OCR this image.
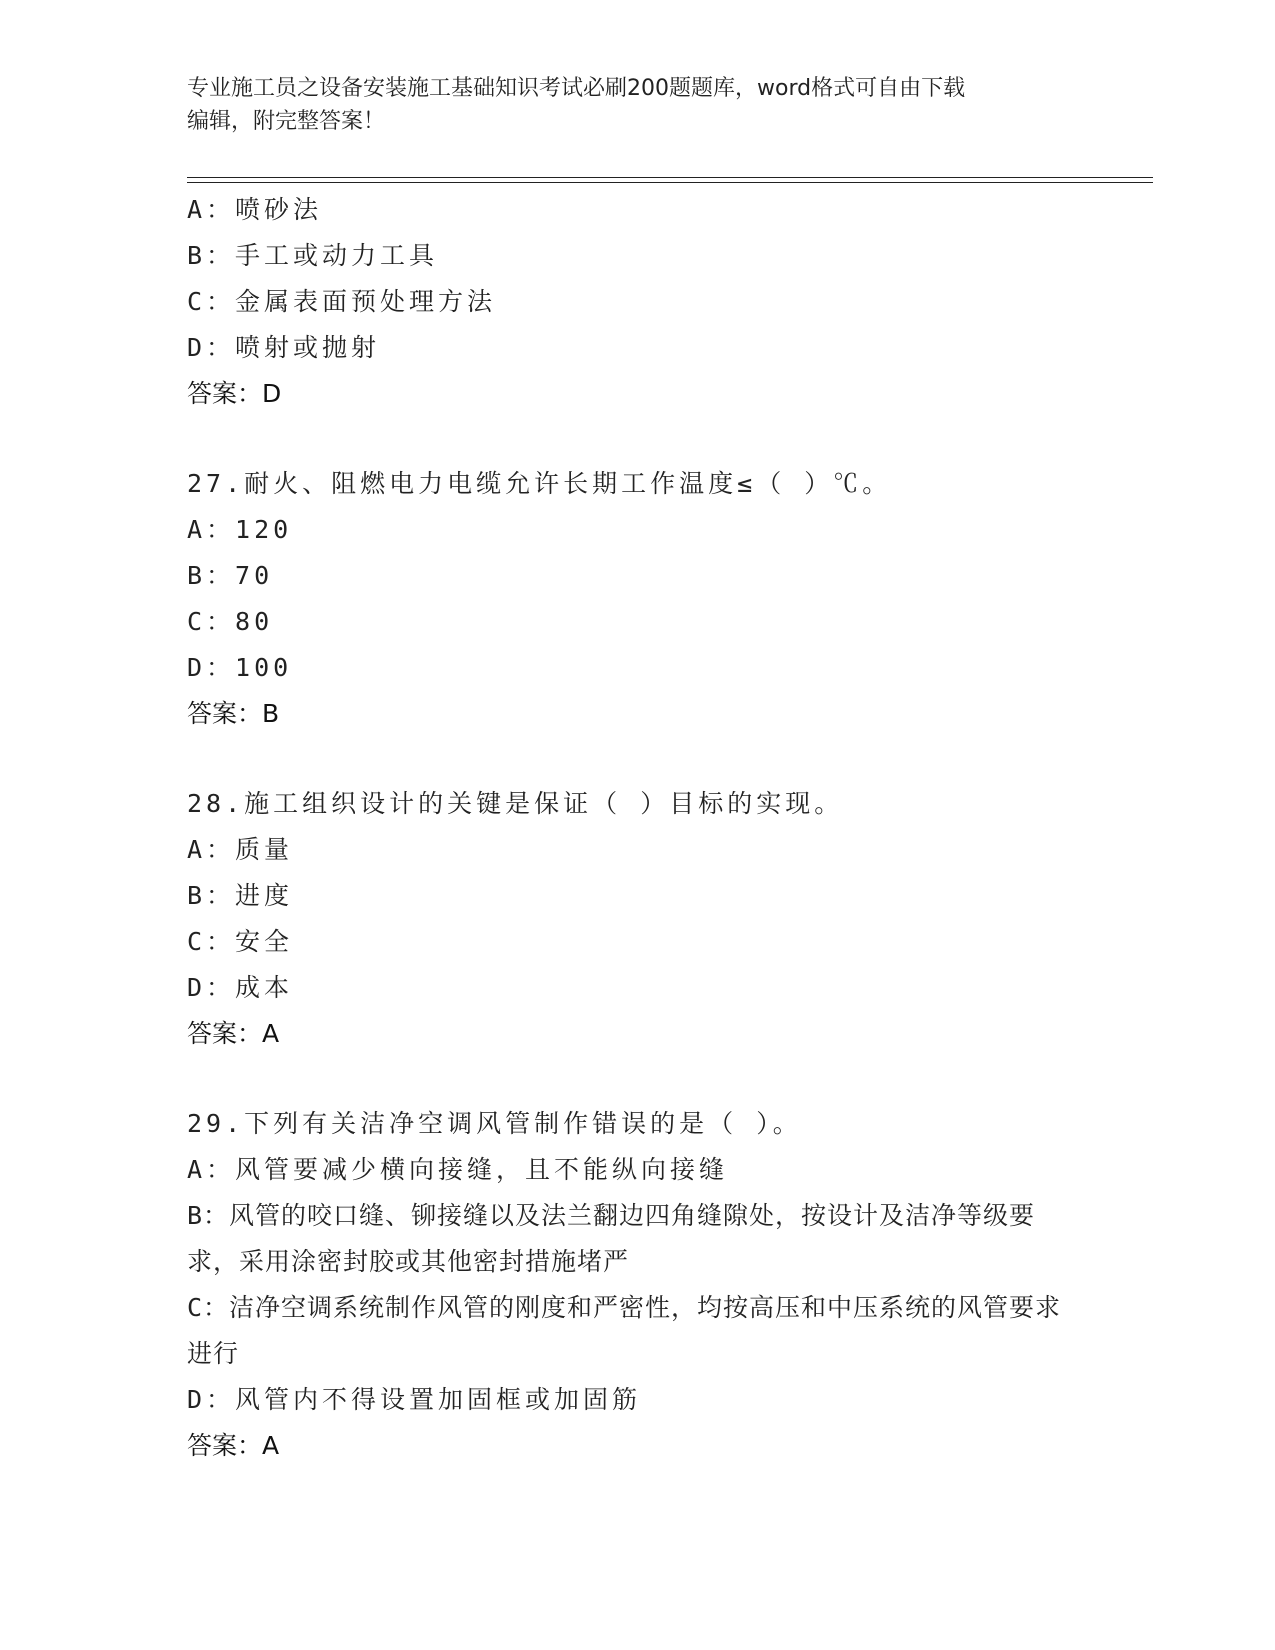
专业施工员之设备安装施工基础知识考试必刷200题题库，word格式可自由下载
编辑，附完整答案！
A：喷砂法
B：手工或动力工具
C：金属表面预处理方法
D：喷射或抛射
答案：D
27.耐火、阻燃电力电缆允许长期工作温度≤（ ）℃。
A：120
B：70
C：80
D：100
答案：B
28.施工组织设计的关键是保证（ ）目标的实现。
A：质量
B：进度
C：安全
D：成本
答案：A
29.下列有关洁净空调风管制作错误的是（ ）。
A：风管要减少横向接缝，且不能纵向接缝
B：风管的咬口缝、铆接缝以及法兰翻边四角缝隙处，按设计及洁净等级要求，采用涂密封胶或其他密封措施堵严
C：洁净空调系统制作风管的刚度和严密性，均按高压和中压系统的风管要求进行
D：风管内不得设置加固框或加固筋
答案：A
